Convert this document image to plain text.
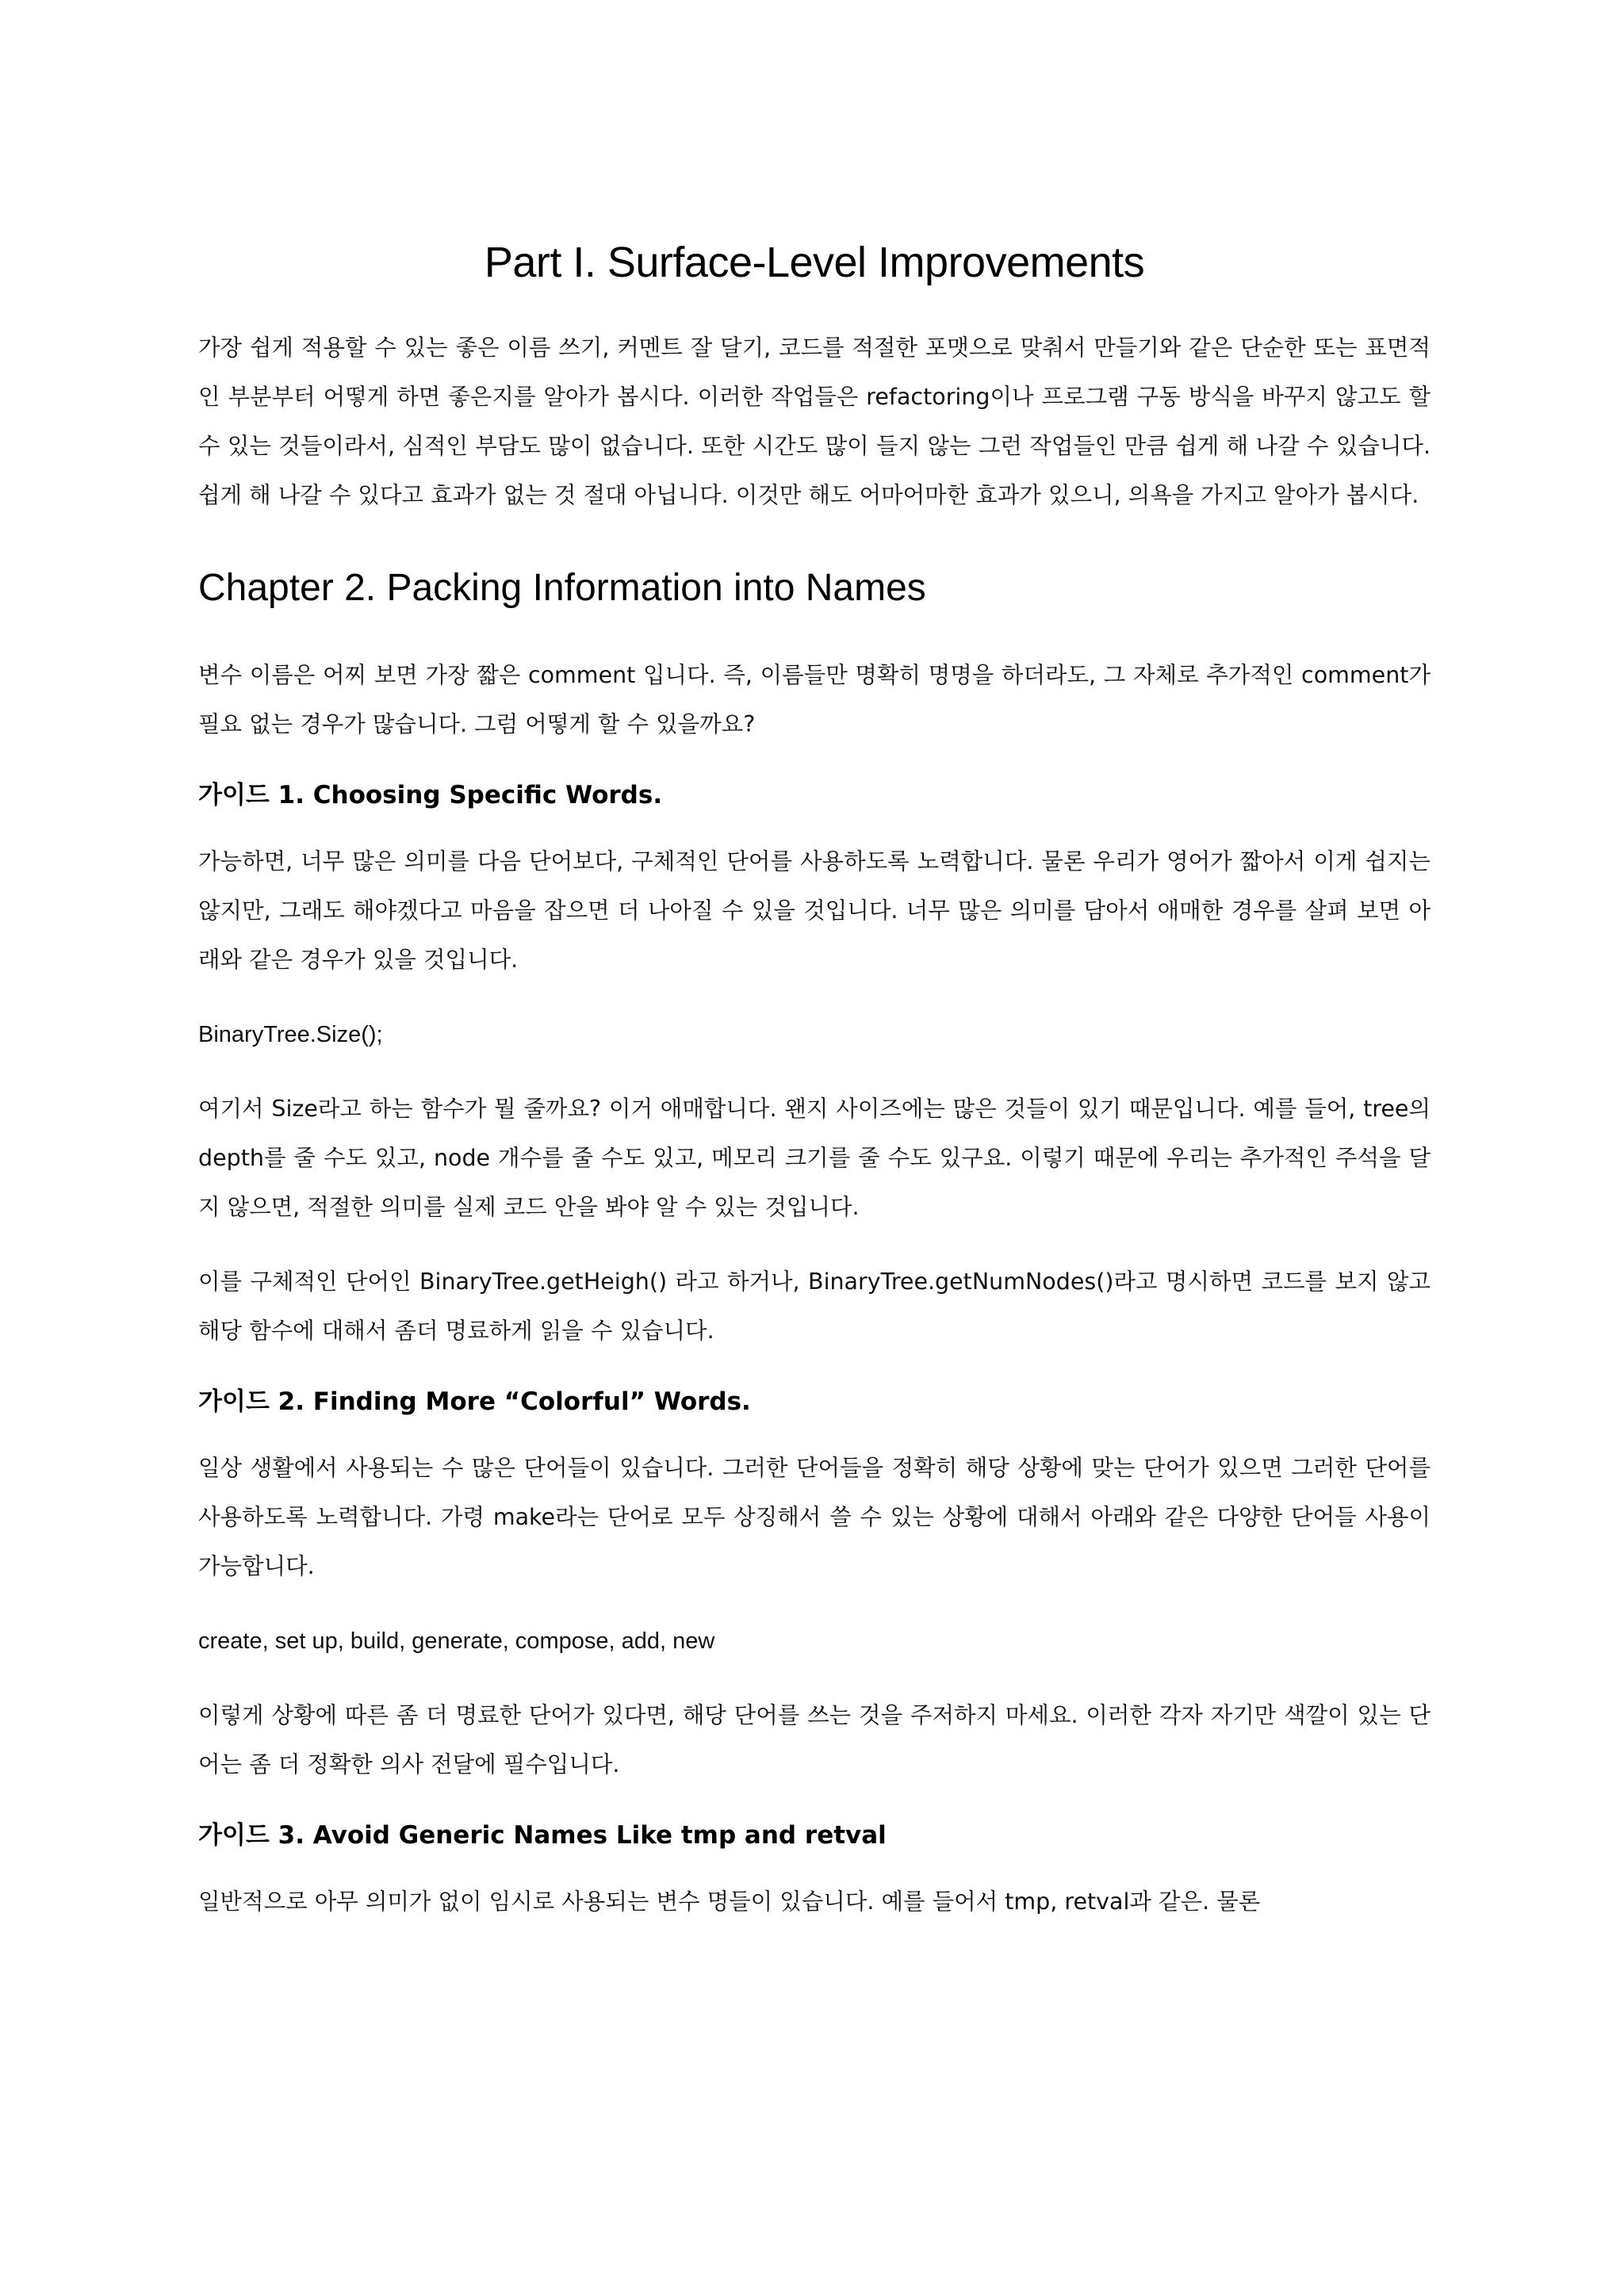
Part I. Surface-Level Improvements

가장 쉽게 적용할 수 있는 좋은 이름 쓰기, 커멘트 잘 달기, 코드를 적절한 포맷으로 맞춰서 만들기와 같은 단순한 또는 표면적인 부분부터 어떻게 하면 좋은지를 알아가 봅시다. 이러한 작업들은 refactoring이나 프로그램 구동 방식을 바꾸지 않고도 할 수 있는 것들이라서, 심적인 부담도 많이 없습니다. 또한 시간도 많이 들지 않는 그런 작업들인 만큼 쉽게 해 나갈 수 있습니다. 쉽게 해 나갈 수 있다고 효과가 없는 것 절대 아닙니다. 이것만 해도 어마어마한 효과가 있으니, 의욕을 가지고 알아가 봅시다.

Chapter 2. Packing Information into Names

변수 이름은 어찌 보면 가장 짧은 comment 입니다. 즉, 이름들만 명확히 명명을 하더라도, 그 자체로 추가적인 comment가 필요 없는 경우가 많습니다. 그럼 어떻게 할 수 있을까요?

가이드 1. Choosing Specific Words.

가능하면, 너무 많은 의미를 다음 단어보다, 구체적인 단어를 사용하도록 노력합니다. 물론 우리가 영어가 짧아서 이게 쉽지는 않지만, 그래도 해야겠다고 마음을 잡으면 더 나아질 수 있을 것입니다. 너무 많은 의미를 담아서 애매한 경우를 살펴 보면 아래와 같은 경우가 있을 것입니다.

BinaryTree.Size();

여기서 Size라고 하는 함수가 뭘 줄까요? 이거 애매합니다. 왠지 사이즈에는 많은 것들이 있기 때문입니다. 예를 들어, tree의 depth를 줄 수도 있고, node 개수를 줄 수도 있고, 메모리 크기를 줄 수도 있구요. 이렇기 때문에 우리는 추가적인 주석을 달지 않으면, 적절한 의미를 실제 코드 안을 봐야 알 수 있는 것입니다.

이를 구체적인 단어인 BinaryTree.getHeigh() 라고 하거나, BinaryTree.getNumNodes()라고 명시하면 코드를 보지 않고 해당 함수에 대해서 좀더 명료하게 읽을 수 있습니다.

가이드 2. Finding More “Colorful” Words.

일상 생활에서 사용되는 수 많은 단어들이 있습니다. 그러한 단어들을 정확히 해당 상황에 맞는 단어가 있으면 그러한 단어를 사용하도록 노력합니다. 가령 make라는 단어로 모두 상징해서 쓸 수 있는 상황에 대해서 아래와 같은 다양한 단어들 사용이 가능합니다.

create, set up, build, generate, compose, add, new

이렇게 상황에 따른 좀 더 명료한 단어가 있다면, 해당 단어를 쓰는 것을 주저하지 마세요. 이러한 각자 자기만 색깔이 있는 단어는 좀 더 정확한 의사 전달에 필수입니다.

가이드 3. Avoid Generic Names Like tmp and retval

일반적으로 아무 의미가 없이 임시로 사용되는 변수 명들이 있습니다. 예를 들어서 tmp, retval과 같은. 물론
